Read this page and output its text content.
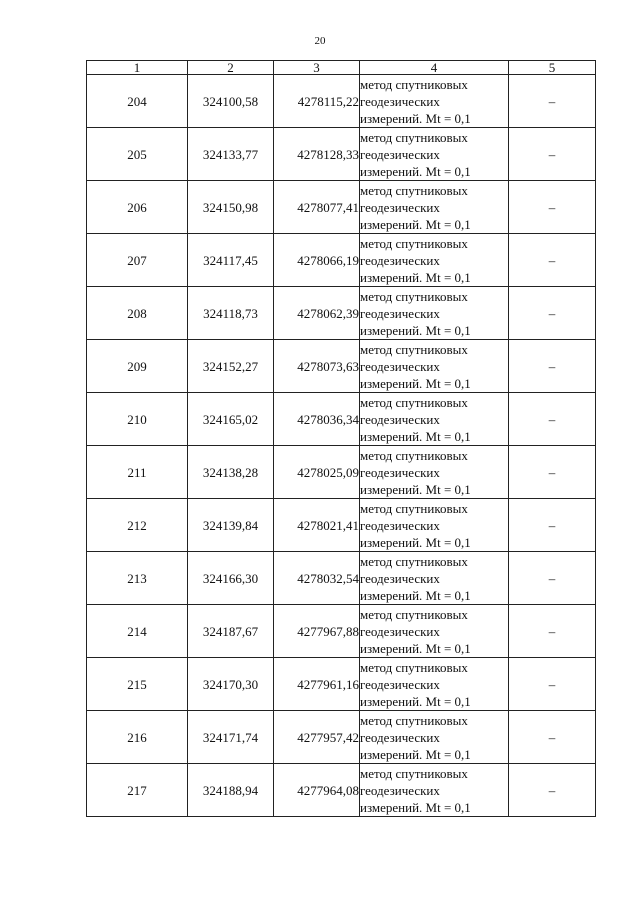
20
1	2	3	4	5
204	324100,58	4278115,22	метод спутниковых
геодезических
измерений. Mt = 0,1	–
205	324133,77	4278128,33	метод спутниковых
геодезических
измерений. Mt = 0,1	–
206	324150,98	4278077,41	метод спутниковых
геодезических
измерений. Mt = 0,1	–
207	324117,45	4278066,19	метод спутниковых
геодезических
измерений. Mt = 0,1	–
208	324118,73	4278062,39	метод спутниковых
геодезических
измерений. Mt = 0,1	–
209	324152,27	4278073,63	метод спутниковых
геодезических
измерений. Mt = 0,1	–
210	324165,02	4278036,34	метод спутниковых
геодезических
измерений. Mt = 0,1	–
211	324138,28	4278025,09	метод спутниковых
геодезических
измерений. Mt = 0,1	–
212	324139,84	4278021,41	метод спутниковых
геодезических
измерений. Mt = 0,1	–
213	324166,30	4278032,54	метод спутниковых
геодезических
измерений. Mt = 0,1	–
214	324187,67	4277967,88	метод спутниковых
геодезических
измерений. Mt = 0,1	–
215	324170,30	4277961,16	метод спутниковых
геодезических
измерений. Mt = 0,1	–
216	324171,74	4277957,42	метод спутниковых
геодезических
измерений. Mt = 0,1	–
217	324188,94	4277964,08	метод спутниковых
геодезических
измерений. Mt = 0,1	–
